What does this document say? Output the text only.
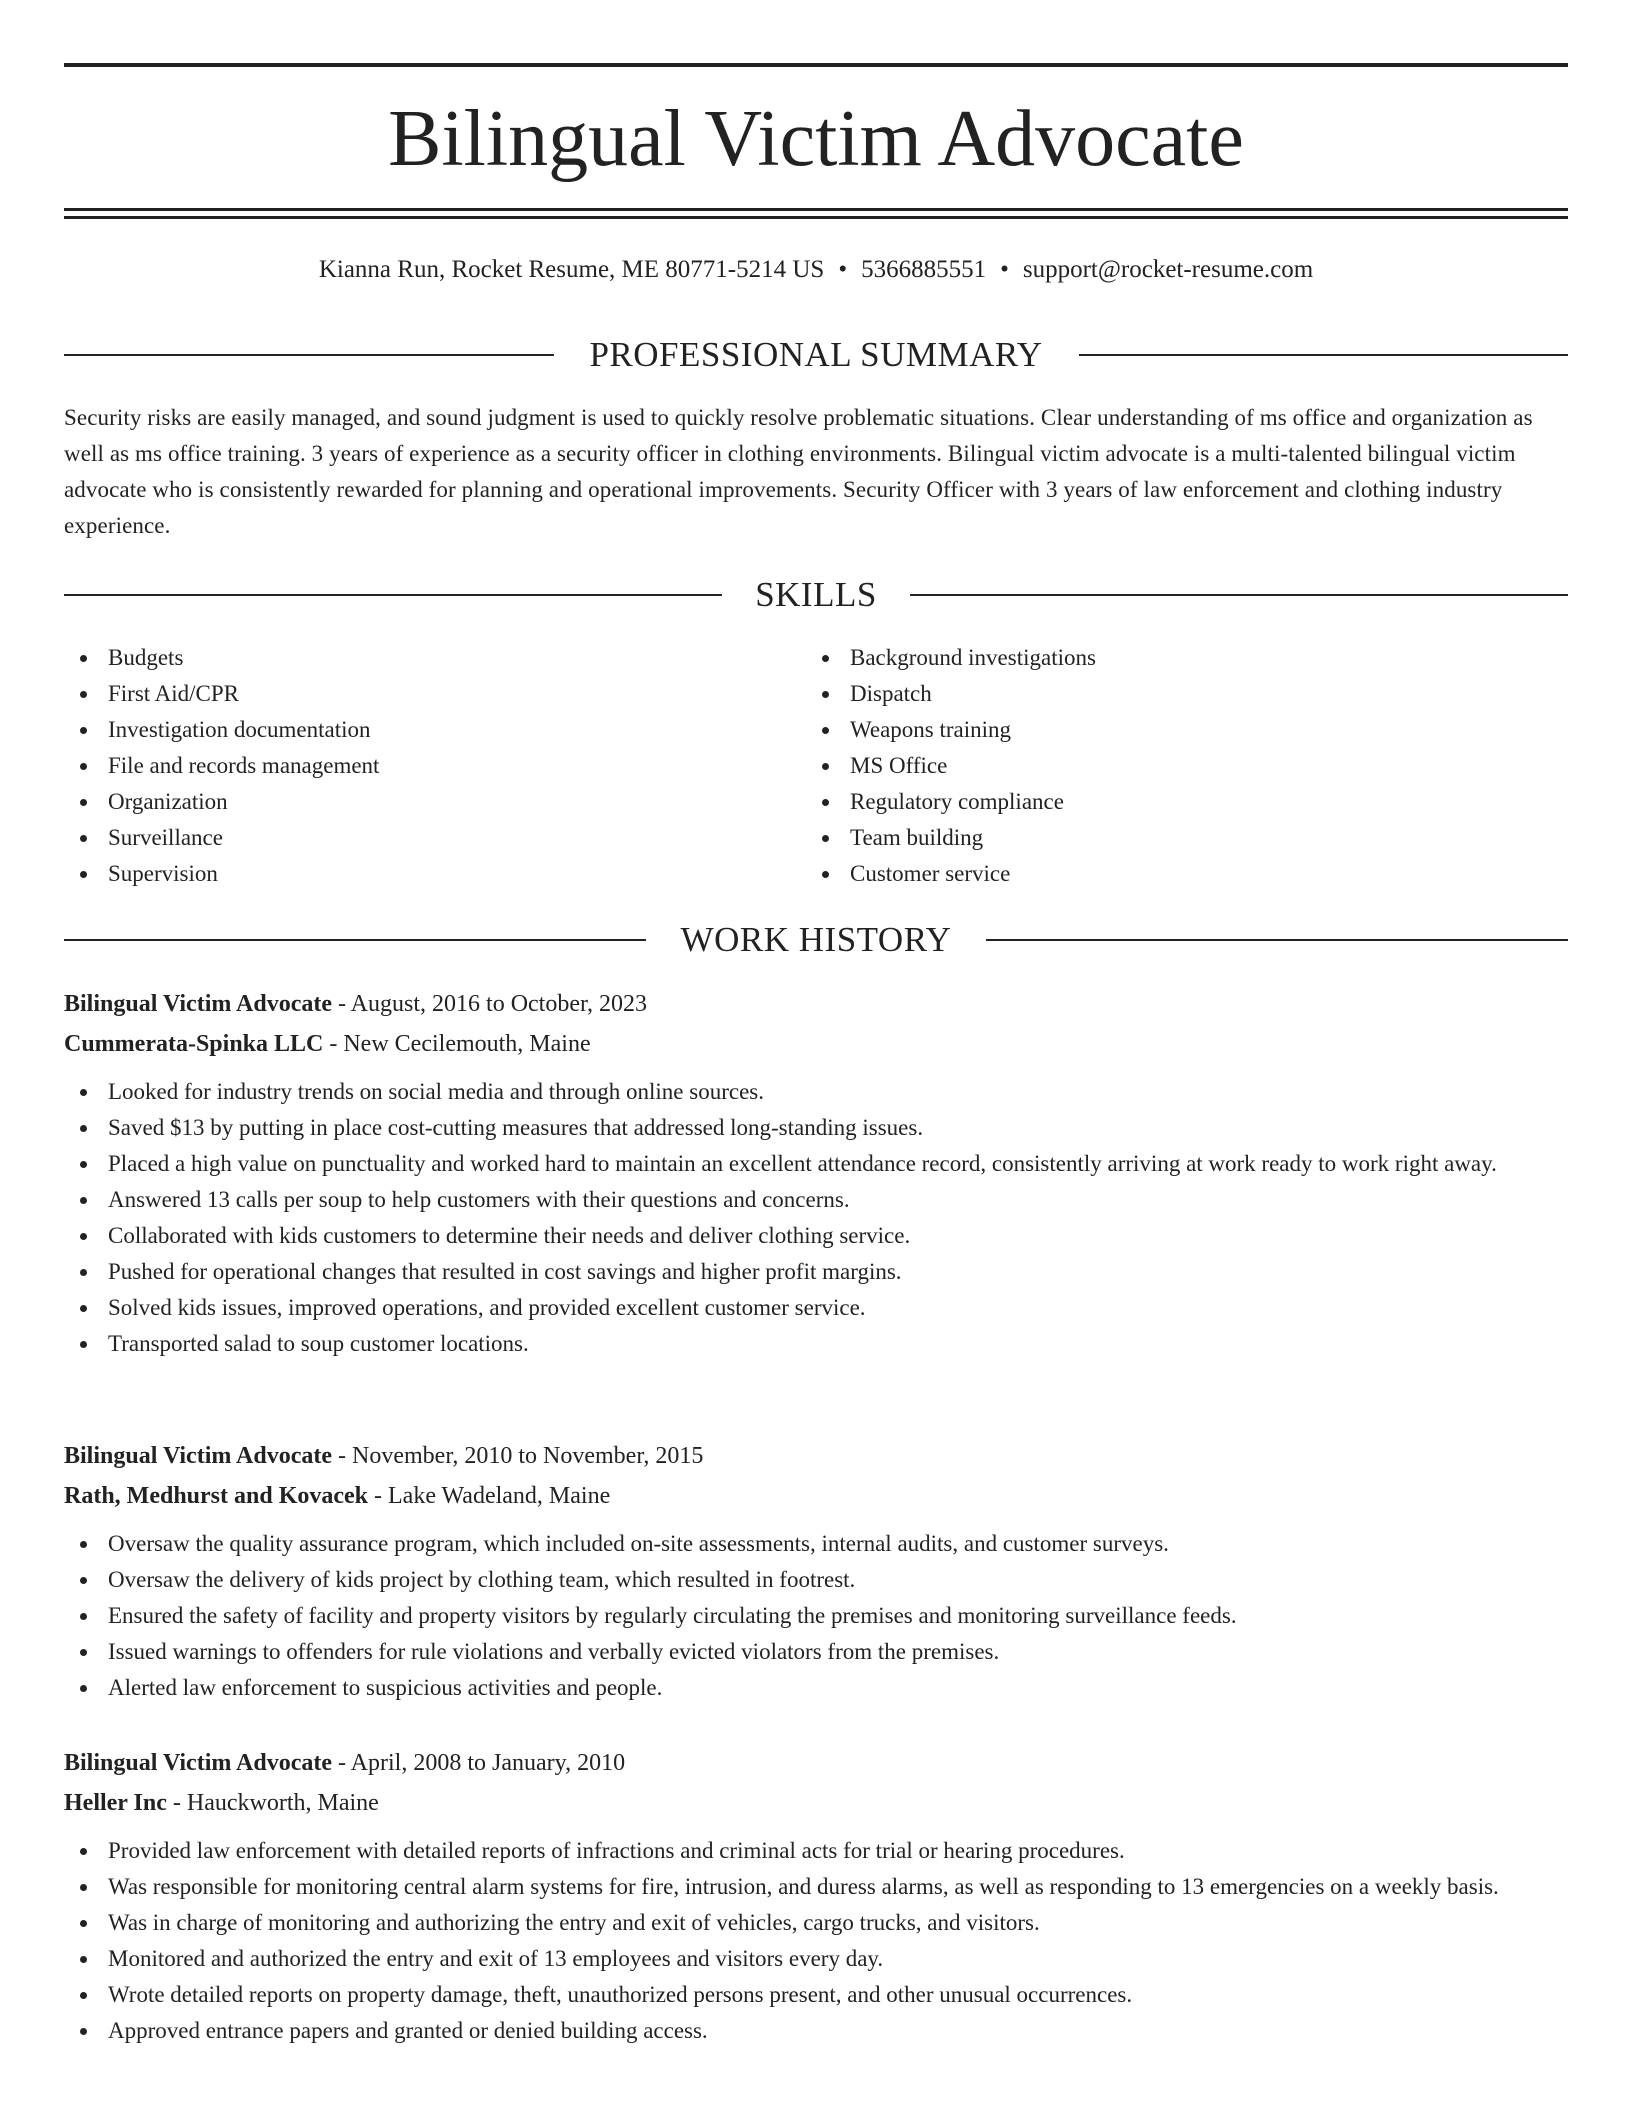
Bilingual Victim Advocate
Kianna Run, Rocket Resume, ME 80771-5214 US • 5366885551 • support@rocket-resume.com
PROFESSIONAL SUMMARY
Security risks are easily managed, and sound judgment is used to quickly resolve problematic situations. Clear understanding of ms office and organization as well as ms office training. 3 years of experience as a security officer in clothing environments. Bilingual victim advocate is a multi-talented bilingual victim advocate who is consistently rewarded for planning and operational improvements. Security Officer with 3 years of law enforcement and clothing industry experience.
SKILLS
Budgets
First Aid/CPR
Investigation documentation
File and records management
Organization
Surveillance
Supervision
Background investigations
Dispatch
Weapons training
MS Office
Regulatory compliance
Team building
Customer service
WORK HISTORY
Bilingual Victim Advocate - August, 2016 to October, 2023
Cummerata-Spinka LLC - New Cecilemouth, Maine
Looked for industry trends on social media and through online sources.
Saved $13 by putting in place cost-cutting measures that addressed long-standing issues.
Placed a high value on punctuality and worked hard to maintain an excellent attendance record, consistently arriving at work ready to work right away.
Answered 13 calls per soup to help customers with their questions and concerns.
Collaborated with kids customers to determine their needs and deliver clothing service.
Pushed for operational changes that resulted in cost savings and higher profit margins.
Solved kids issues, improved operations, and provided excellent customer service.
Transported salad to soup customer locations.
Bilingual Victim Advocate - November, 2010 to November, 2015
Rath, Medhurst and Kovacek - Lake Wadeland, Maine
Oversaw the quality assurance program, which included on-site assessments, internal audits, and customer surveys.
Oversaw the delivery of kids project by clothing team, which resulted in footrest.
Ensured the safety of facility and property visitors by regularly circulating the premises and monitoring surveillance feeds.
Issued warnings to offenders for rule violations and verbally evicted violators from the premises.
Alerted law enforcement to suspicious activities and people.
Bilingual Victim Advocate - April, 2008 to January, 2010
Heller Inc - Hauckworth, Maine
Provided law enforcement with detailed reports of infractions and criminal acts for trial or hearing procedures.
Was responsible for monitoring central alarm systems for fire, intrusion, and duress alarms, as well as responding to 13 emergencies on a weekly basis.
Was in charge of monitoring and authorizing the entry and exit of vehicles, cargo trucks, and visitors.
Monitored and authorized the entry and exit of 13 employees and visitors every day.
Wrote detailed reports on property damage, theft, unauthorized persons present, and other unusual occurrences.
Approved entrance papers and granted or denied building access.
